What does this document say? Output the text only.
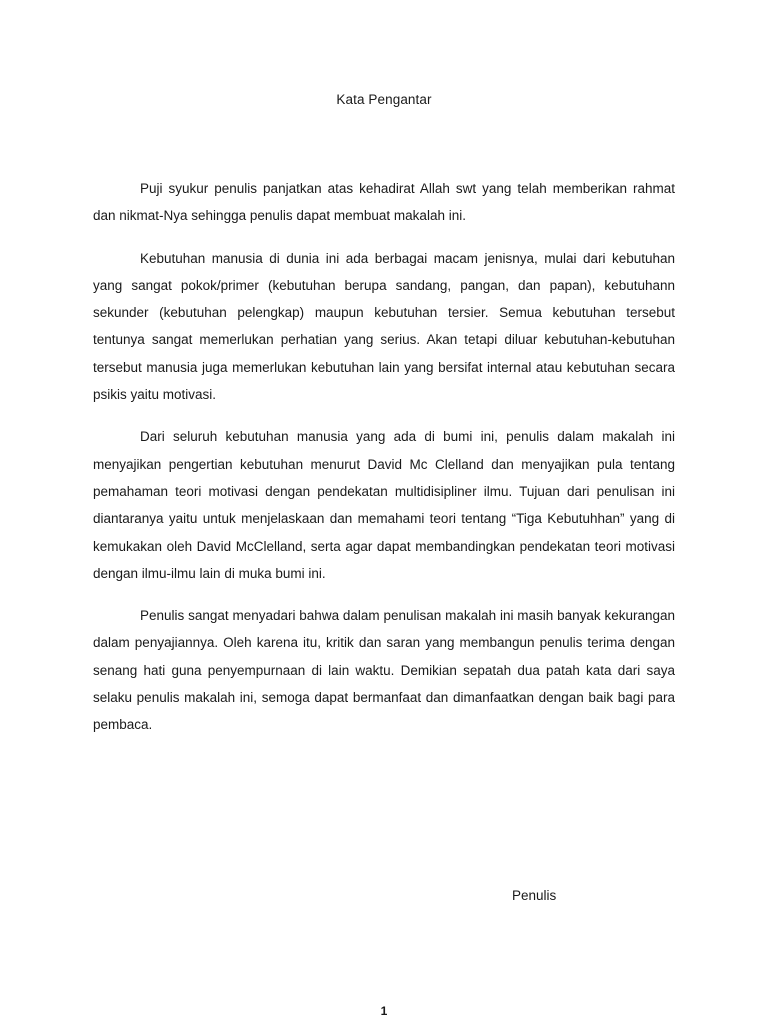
Kata Pengantar

Puji syukur penulis panjatkan atas kehadirat Allah swt yang telah memberikan rahmat dan nikmat-Nya sehingga penulis dapat membuat makalah ini.

Kebutuhan manusia di dunia ini ada berbagai macam jenisnya, mulai dari kebutuhan yang sangat pokok/primer (kebutuhan berupa sandang, pangan, dan papan), kebutuhann sekunder (kebutuhan pelengkap) maupun kebutuhan tersier. Semua kebutuhan tersebut tentunya sangat memerlukan perhatian yang serius. Akan tetapi diluar kebutuhan-kebutuhan tersebut manusia juga memerlukan kebutuhan lain yang bersifat internal atau kebutuhan secara psikis yaitu motivasi.

Dari seluruh kebutuhan manusia yang ada di bumi ini, penulis dalam makalah ini menyajikan pengertian kebutuhan menurut David Mc Clelland dan menyajikan pula tentang pemahaman teori motivasi dengan pendekatan multidisipliner ilmu. Tujuan dari penulisan ini diantaranya yaitu untuk menjelaskaan dan memahami teori tentang “Tiga Kebutuhhan” yang di kemukakan oleh David McClelland, serta agar dapat membandingkan pendekatan teori motivasi dengan ilmu-ilmu lain di muka bumi ini.

Penulis sangat menyadari bahwa dalam penulisan makalah ini masih banyak kekurangan dalam penyajiannya. Oleh karena itu, kritik dan saran yang membangun penulis terima dengan senang hati guna penyempurnaan di lain waktu. Demikian sepatah dua patah kata dari saya selaku penulis makalah ini, semoga dapat bermanfaat dan dimanfaatkan dengan baik bagi para pembaca.

Penulis
1
